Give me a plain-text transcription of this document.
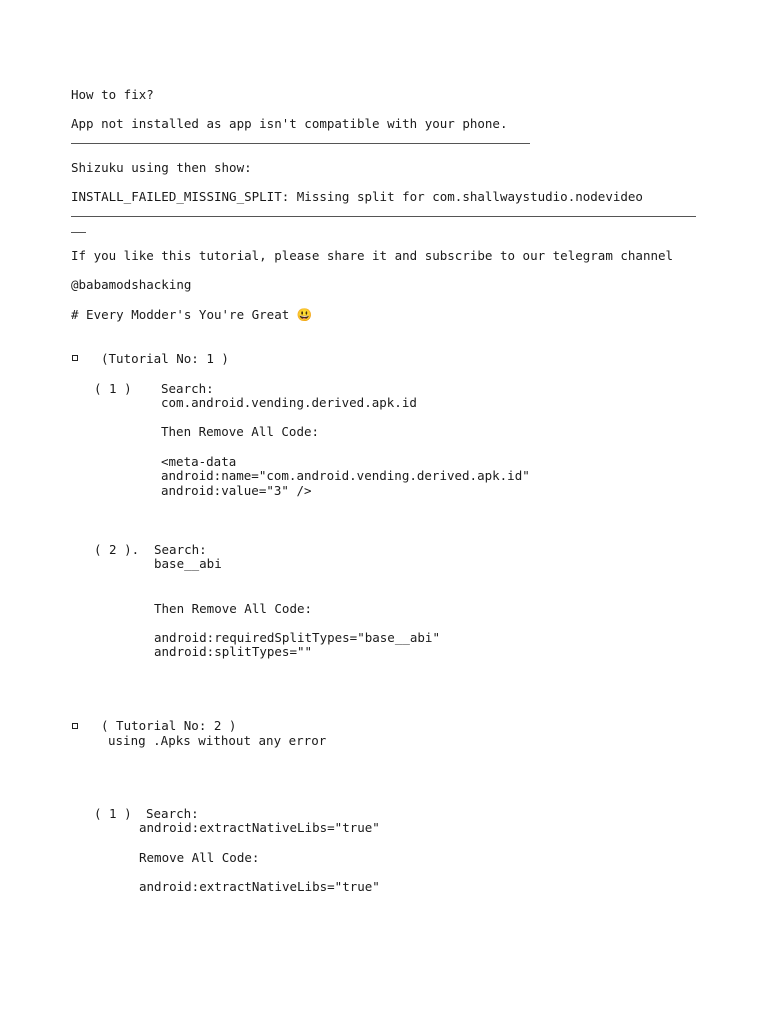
How to fix?
App not installed as app isn't compatible with your phone.
Shizuku using then show:
INSTALL_FAILED_MISSING_SPLIT: Missing split for com.shallwaystudio.nodevideo
If you like this tutorial, please share it and subscribe to our telegram channel
@babamodshacking
# Every Modder's You're Great 😃
(Tutorial No: 1 )
( 1 ) Search:
com.android.vending.derived.apk.id
Then Remove All Code:
<meta-data
android:name="com.android.vending.derived.apk.id"
android:value="3" />
( 2 ). Search:
base__abi
Then Remove All Code:
android:requiredSplitTypes="base__abi"
android:splitTypes=""
( Tutorial No: 2 )
using .Apks without any error
( 1 ) Search:
android:extractNativeLibs="true"
Remove All Code:
android:extractNativeLibs="true"
